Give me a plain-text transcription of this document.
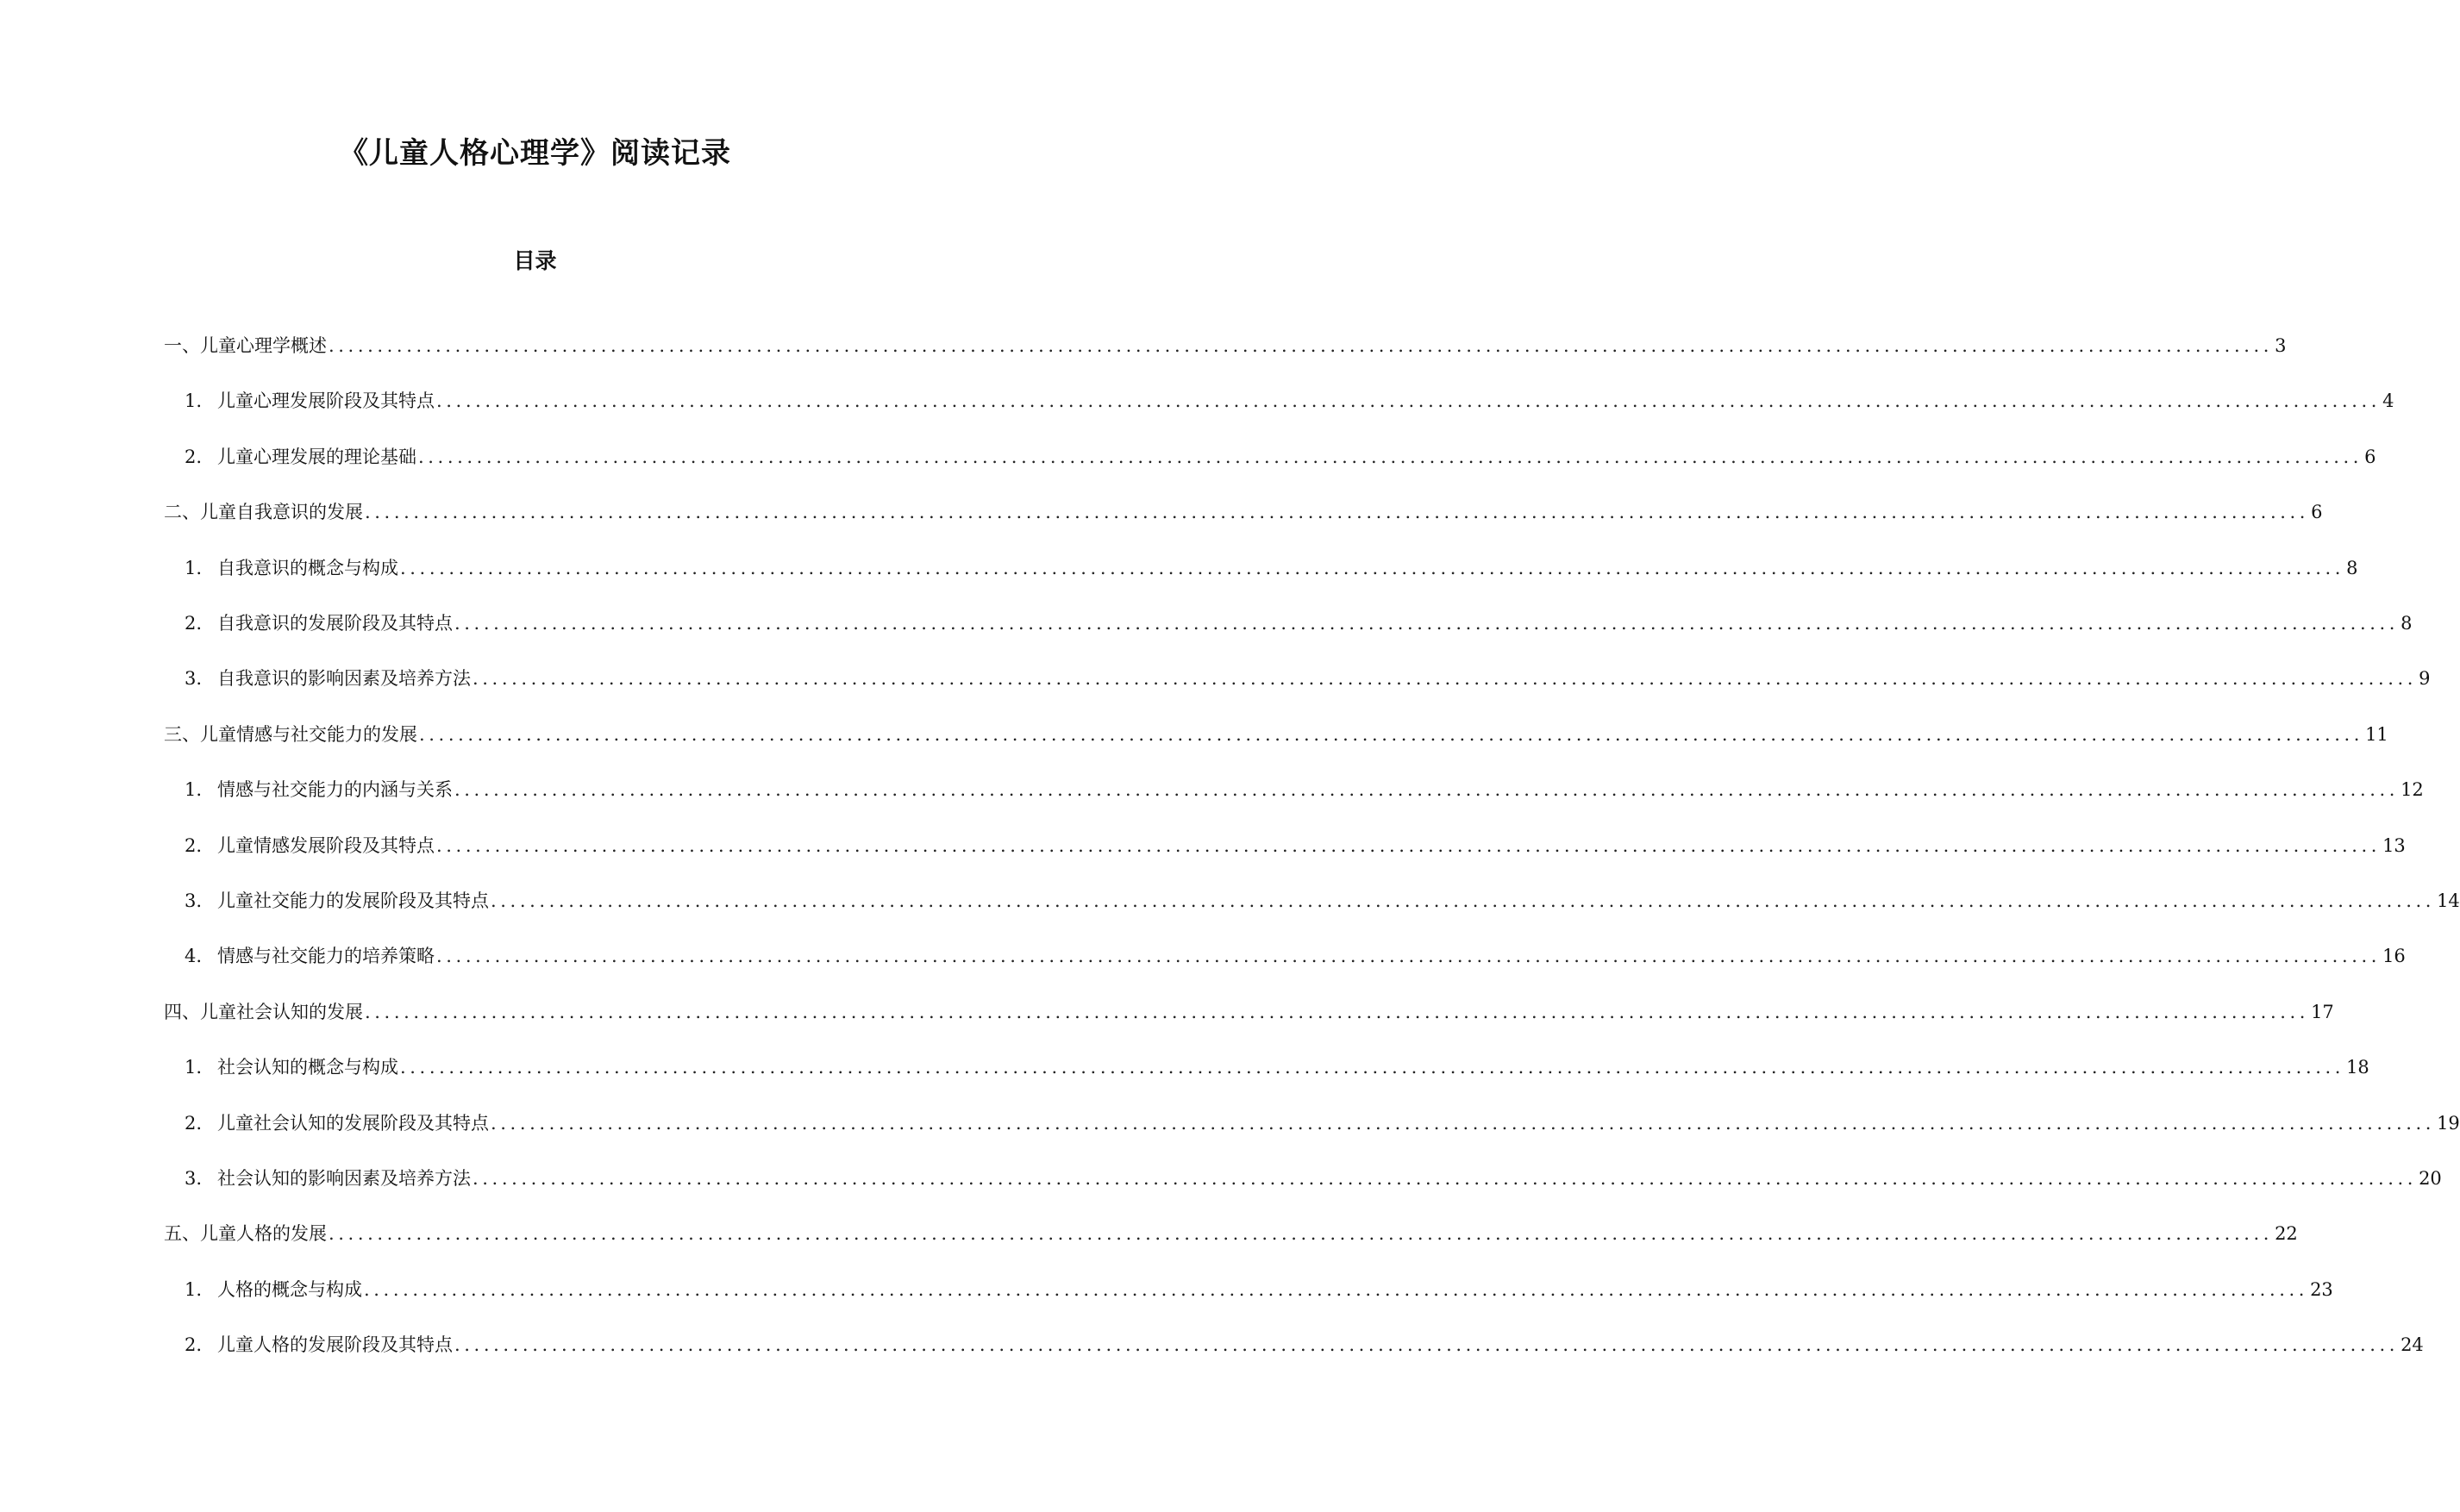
《儿童人格心理学》阅读记录
目录
一、儿童心理学概述 ........................................................................................................................................................................................................ 3
1. 儿童心理发展阶段及其特点 ........................................................................................................................................................................................................ 4
2. 儿童心理发展的理论基础 ........................................................................................................................................................................................................ 6
二、儿童自我意识的发展 ........................................................................................................................................................................................................ 6
1. 自我意识的概念与构成 ........................................................................................................................................................................................................ 8
2. 自我意识的发展阶段及其特点 ........................................................................................................................................................................................................ 8
3. 自我意识的影响因素及培养方法 ........................................................................................................................................................................................................ 9
三、儿童情感与社交能力的发展 ........................................................................................................................................................................................................ 11
1. 情感与社交能力的内涵与关系 ........................................................................................................................................................................................................ 12
2. 儿童情感发展阶段及其特点 ........................................................................................................................................................................................................ 13
3. 儿童社交能力的发展阶段及其特点 ........................................................................................................................................................................................................ 14
4. 情感与社交能力的培养策略 ........................................................................................................................................................................................................ 16
四、儿童社会认知的发展 ........................................................................................................................................................................................................ 17
1. 社会认知的概念与构成 ........................................................................................................................................................................................................ 18
2. 儿童社会认知的发展阶段及其特点 ........................................................................................................................................................................................................ 19
3. 社会认知的影响因素及培养方法 ........................................................................................................................................................................................................ 20
五、儿童人格的发展 ........................................................................................................................................................................................................ 22
1. 人格的概念与构成 ........................................................................................................................................................................................................ 23
2. 儿童人格的发展阶段及其特点 ........................................................................................................................................................................................................ 24
